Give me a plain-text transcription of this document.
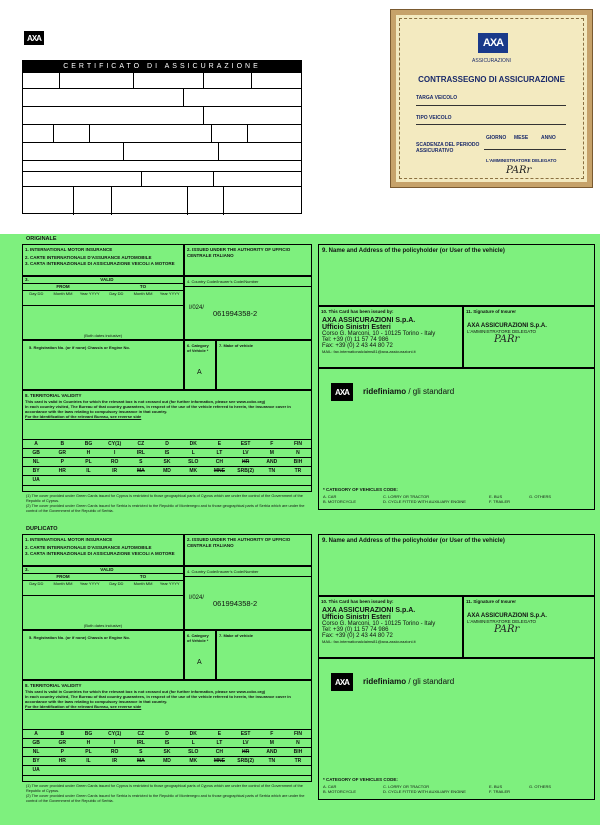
AXA
CERTIFICATO DI ASSICURAZIONE
AXA
ASSICURAZIONI
CONTRASSEGNO DI ASSICURAZIONE
TARGA VEICOLO
TIPO VEICOLO
GIORNO MESE	ANNO
SCADENZA DEL PERIODO ASSICURATIVO
L'AMMINISTRATORE DELEGATO
PARr
ORIGINALE
1. INTERNATIONAL MOTOR INSURANCE
2. CARTE INTERNATIONALE D'ASSURANCE AUTOMOBILE
3. CARTA INTERNAZIONALE DI ASSICURAZIONE VEICOLI A MOTORE
2. ISSUED UNDER THE AUTHORITY OF UFFICIO CENTRALE ITALIANO
3.	VALID
FROM	TO
Day DD	Month MM	Year YYYY	Day DD	Month MM	Year YYYY
(Both dates inclusive)
4. Country Code/Insurer's Code/Number
I/024/
061994358-2
5. Registration No. (or if none) Chassis or Engine No.	6. Category of Vehicle *
A
7. Make of vehicle
8. TERRITORIAL VALIDITY
This card is valid in Countries for which the relevant box is not crossed out (for further information, please see www.cobx.org)
In each country visited, The Bureau of that country guarantees, in respect of the use of the vehicle referred to herein, the insurance cover in accordance with the laws relating to compulsory insurance in that country.
For the Identification of the relevant Bureau, see reverse side
A	B	BG	CY(1)	CZ	D	DK	E	EST	F	FIN
GB	GR	H	I	IRL	IS	L	LT	LV	M	N
NL	P	PL	RO	S	SK	SLO	CH	HR	AND	BIH
BY	HR	IL	IR	MA	MD	MK	MNE	SRB(2)	TN	TR
UA
(1) The cover provided under Green Cards issued for Cyprus is restricted to those geographical parts of Cyprus which are under the control of the Government of the Republic of Cyprus.
(2) The cover provided under Green Cards issued for Serbia is restricted to the Republic of Montenegro and to those geographical parts of Serbia which are under the control of the Government of the Republic of Serbia.
9. Name and Address of the policyholder (or User of the vehicle)
10. This Card has been issued by:
AXA ASSICURAZIONI S.p.A.
Ufficio Sinistri Esteri
Corso G. Marconi, 10 - 10125 Torino - Italy
Tel: +39 (0) 11 57 74 986
Fax: +39 (0) 2 43 44 80 72
MAIL: fax.internationalclaims81@axa-assicurazioni.it
11. Signature of Insurer
AXA ASSICURAZIONI S.p.A.
L'AMMINISTRATORE DELEGATO
PARr
AXA	ridefiniamo / gli standard
* CATEGORY OF VEHICLES CODE:
A. CAR
B. MOTORCYCLE
C. LORRY OR TRACTOR
D. CYCLE FITTED WITH AUXILIARY ENGINE
E. BUS
F. TRAILER
G. OTHERS
DUPLICATO
1. INTERNATIONAL MOTOR INSURANCE
2. CARTE INTERNATIONALE D'ASSURANCE AUTOMOBILE
3. CARTA INTERNAZIONALE DI ASSICURAZIONE VEICOLI A MOTORE
2. ISSUED UNDER THE AUTHORITY OF UFFICIO CENTRALE ITALIANO
3.	VALID
FROM	TO
Day DD	Month MM	Year YYYY	Day DD	Month MM	Year YYYY
(Both dates inclusive)
4. Country Code/Insurer's Code/Number
I/024/
061994358-2
5. Registration No. (or if none) Chassis or Engine No.	6. Category of Vehicle *
A
7. Make of vehicle
8. TERRITORIAL VALIDITY
This card is valid in Countries for which the relevant box is not crossed out (for further information, please see www.cobx.org)
In each country visited, The Bureau of that country guarantees, in respect of the use of the vehicle referred to herein, the insurance cover in accordance with the laws relating to compulsory insurance in that country.
For the Identification of the relevant Bureau, see reverse side
A	B	BG	CY(1)	CZ	D	DK	E	EST	F	FIN
GB	GR	H	I	IRL	IS	L	LT	LV	M	N
NL	P	PL	RO	S	SK	SLO	CH	HR	AND	BIH
BY	HR	IL	IR	MA	MD	MK	MNE	SRB(2)	TN	TR
UA
(1) The cover provided under Green Cards issued for Cyprus is restricted to those geographical parts of Cyprus which are under the control of the Government of the Republic of Cyprus.
(2) The cover provided under Green Cards issued for Serbia is restricted to the Republic of Montenegro and to those geographical parts of Serbia which are under the control of the Government of the Republic of Serbia.
9. Name and Address of the policyholder (or User of the vehicle)
10. This Card has been issued by:
AXA ASSICURAZIONI S.p.A.
Ufficio Sinistri Esteri
Corso G. Marconi, 10 - 10125 Torino - Italy
Tel: +39 (0) 11 57 74 986
Fax: +39 (0) 2 43 44 80 72
MAIL: fax.internationalclaims81@axa-assicurazioni.it
11. Signature of Insurer
AXA ASSICURAZIONI S.p.A.
L'AMMINISTRATORE DELEGATO
PARr
AXA	ridefiniamo / gli standard
* CATEGORY OF VEHICLES CODE:
A. CAR
B. MOTORCYCLE
C. LORRY OR TRACTOR
D. CYCLE FITTED WITH AUXILIARY ENGINE
E. BUS
F. TRAILER
G. OTHERS
